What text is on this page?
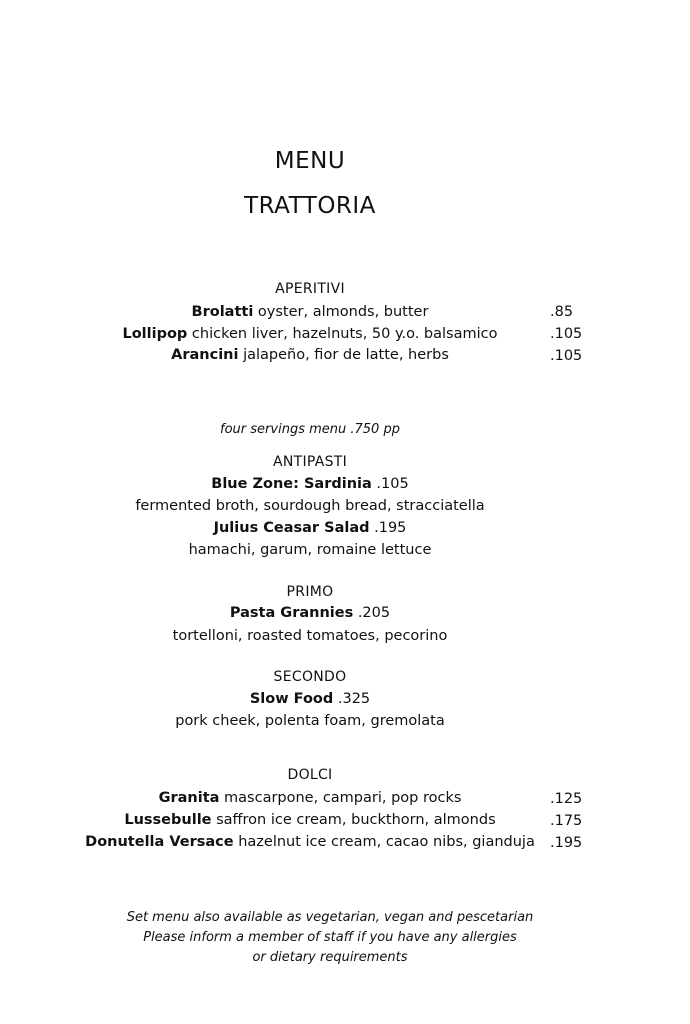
MENU
TRATTORIA
APERITIVI
Brolatti oyster, almonds, butter	.85
Lollipop chicken liver, hazelnuts, 50 y.o. balsamico	.105
Arancini jalapeño, fior de latte, herbs	.105
four servings menu .750 pp
ANTIPASTI
Blue Zone: Sardinia .105
fermented broth, sourdough bread, stracciatella
Julius Ceasar Salad .195
hamachi, garum, romaine lettuce
PRIMO
Pasta Grannies .205
tortelloni, roasted tomatoes, pecorino
SECONDO
Slow Food .325
pork cheek, polenta foam, gremolata
DOLCI
Granita mascarpone, campari, pop rocks	.125
Lussebulle saffron ice cream, buckthorn, almonds	.175
Donutella Versace hazelnut ice cream, cacao nibs, gianduja	.195
Set menu also available as vegetarian, vegan and pescetarian
Please inform a member of staff if you have any allergies
or dietary requirements
